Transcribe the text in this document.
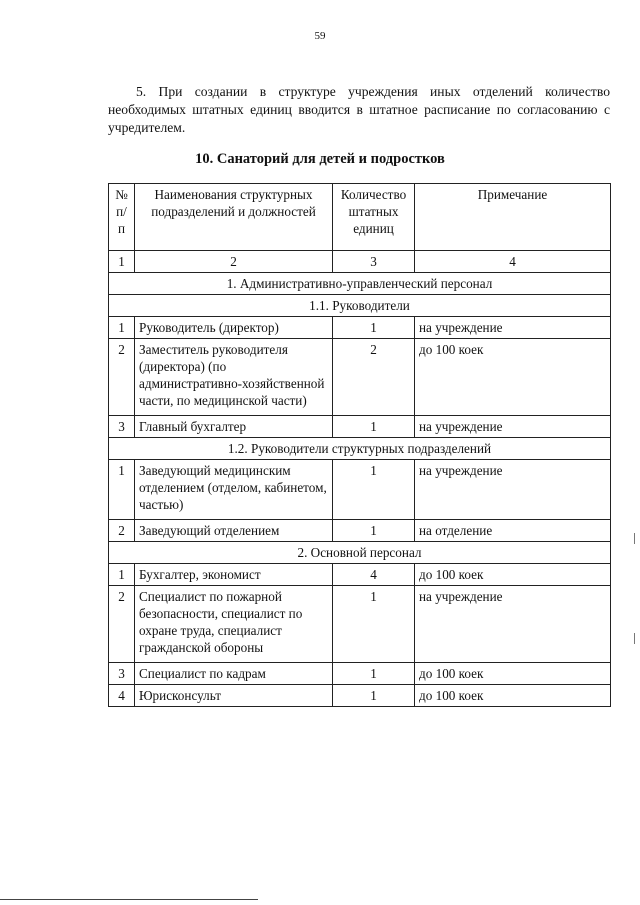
59

5. При создании в структуре учреждения иных отделений количество необходимых штатных единиц вводится в штатное расписание по согласованию с учредителем.

10. Санаторий для детей и подростков
№ п/п	Наименования структурных подразделений и должностей	Количество штатных единиц	Примечание
1	2	3	4
1. Административно-управленческий персонал			
1.1. Руководители			
1	Руководитель (директор)	1	на учреждение
2	Заместитель руководителя (директора) (по административно-хозяйственной части, по медицинской части)	2	до 100 коек
3	Главный бухгалтер	1	на учреждение
1.2. Руководители структурных подразделений			
1	Заведующий медицинским отделением (отделом, кабинетом, частью)	1	на учреждение
2	Заведующий отделением	1	на отделение
2. Основной персонал			
1	Бухгалтер, экономист	4	до 100 коек
2	Специалист по пожарной безопасности, специалист по охране труда, специалист гражданской обороны	1	на учреждение
3	Специалист по кадрам	1	до 100 коек
4	Юрисконсульт	1	до 100 коек
